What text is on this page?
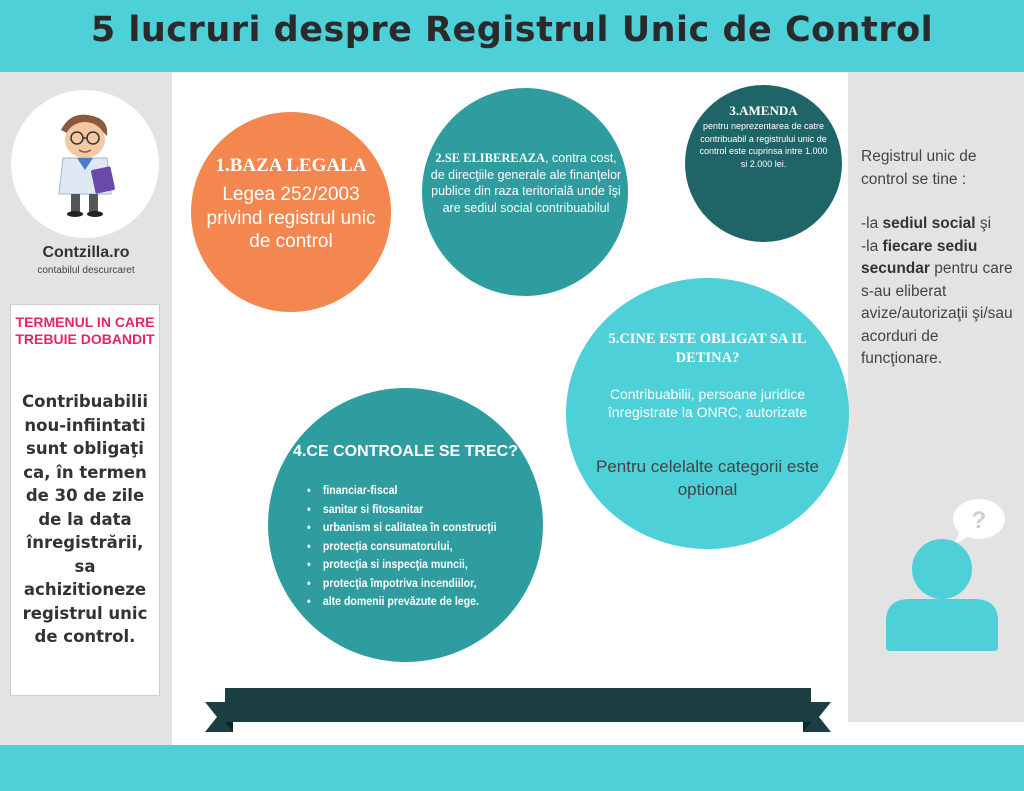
5 lucruri despre Registrul Unic de Control
Contzilla.ro
contabilul descurcaret
TERMENUL IN CARE TREBUIE DOBANDIT
Contribuabilii nou-infiintati sunt obligaţi ca, în termen de 30 de zile de la data înregistrării, sa achizitioneze registrul unic de control.
1.BAZA LEGALA
Legea 252/2003 privind registrul unic de control
2.SE ELIBEREAZA, contra cost, de direcţiile generale ale finanţelor publice din raza teritorială unde îşi are sediul social contribuabilul
3.AMENDA
pentru neprezentarea de catre contribuabil a registrului unic de control este cuprinsa intre 1.000 si 2.000 lei.
5.CINE ESTE OBLIGAT SA IL DETINA?
Contribuabilii, persoane juridice înregistrate la ONRC, autorizate
Pentru celelalte categorii este optional
4.CE CONTROALE SE TREC?
• financiar-fiscal
• sanitar si fitosanitar
• urbanism si calitatea în construcţii
• protecţia consumatorului,
• protecţia si inspecţia muncii,
• protecţia împotriva incendiilor,
• alte domenii prevăzute de lege.
Registrul unic de control se tine :
-la sediul social şi
-la fiecare sediu secundar pentru care s-au eliberat avize/autorizaţii şi/sau acorduri de funcţionare.
?
